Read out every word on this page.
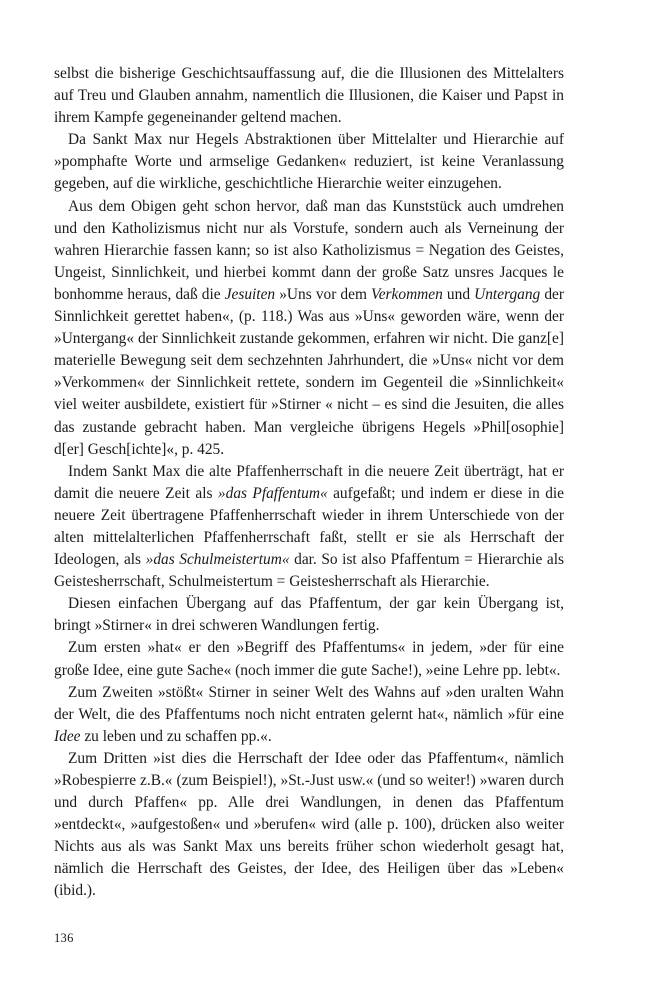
selbst die bisherige Geschichtsauffassung auf, die die Illusionen des Mittelalters auf Treu und Glauben annahm, namentlich die Illusionen, die Kaiser und Papst in ihrem Kampfe gegeneinander geltend machen.

Da Sankt Max nur Hegels Abstraktionen über Mittelalter und Hierarchie auf »pomphafte Worte und armselige Gedanken« reduziert, ist keine Veranlassung gegeben, auf die wirkliche, geschichtliche Hierarchie weiter einzugehen.

Aus dem Obigen geht schon hervor, daß man das Kunststück auch umdrehen und den Katholizismus nicht nur als Vorstufe, sondern auch als Verneinung der wahren Hierarchie fassen kann; so ist also Katholizismus = Negation des Geistes, Ungeist, Sinnlichkeit, und hierbei kommt dann der große Satz unsres Jacques le bonhomme heraus, daß die Jesuiten »Uns vor dem Verkommen und Untergang der Sinnlichkeit gerettet haben«, (p. 118.) Was aus »Uns« geworden wäre, wenn der »Untergang« der Sinnlichkeit zustande gekommen, erfahren wir nicht. Die ganz[e] materielle Bewegung seit dem sechzehnten Jahrhundert, die »Uns« nicht vor dem »Verkommen« der Sinnlichkeit rettete, sondern im Gegenteil die »Sinnlichkeit« viel weiter ausbildete, existiert für »Stirner « nicht – es sind die Jesuiten, die alles das zustande gebracht haben. Man vergleiche übrigens Hegels »Phil[osophie] d[er] Gesch[ichte]«, p. 425.

Indem Sankt Max die alte Pfaffenherrschaft in die neuere Zeit überträgt, hat er damit die neuere Zeit als »das Pfaffentum« aufgefaßt; und indem er diese in die neuere Zeit übertragene Pfaffenherrschaft wieder in ihrem Unterschiede von der alten mittelalterlichen Pfaffenherrschaft faßt, stellt er sie als Herrschaft der Ideologen, als »das Schulmeistertum« dar. So ist also Pfaffentum = Hierarchie als Geistesherrschaft, Schulmeistertum = Geistesherrschaft als Hierarchie.

Diesen einfachen Übergang auf das Pfaffentum, der gar kein Übergang ist, bringt »Stirner« in drei schweren Wandlungen fertig.

Zum ersten »hat« er den »Begriff des Pfaffentums« in jedem, »der für eine große Idee, eine gute Sache« (noch immer die gute Sache!), »eine Lehre pp. lebt«.

Zum Zweiten »stößt« Stirner in seiner Welt des Wahns auf »den uralten Wahn der Welt, die des Pfaffentums noch nicht entraten gelernt hat«, nämlich »für eine Idee zu leben und zu schaffen pp.«.

Zum Dritten »ist dies die Herrschaft der Idee oder das Pfaffentum«, nämlich »Robespierre z.B.« (zum Beispiel!), »St.-Just usw.« (und so weiter!) »waren durch und durch Pfaffen« pp. Alle drei Wandlungen, in denen das Pfaffentum »entdeckt«, »aufgestoßen« und »berufen« wird (alle p. 100), drücken also weiter Nichts aus als was Sankt Max uns bereits früher schon wiederholt gesagt hat, nämlich die Herrschaft des Geistes, der Idee, des Heiligen über das »Leben« (ibid.).

136
